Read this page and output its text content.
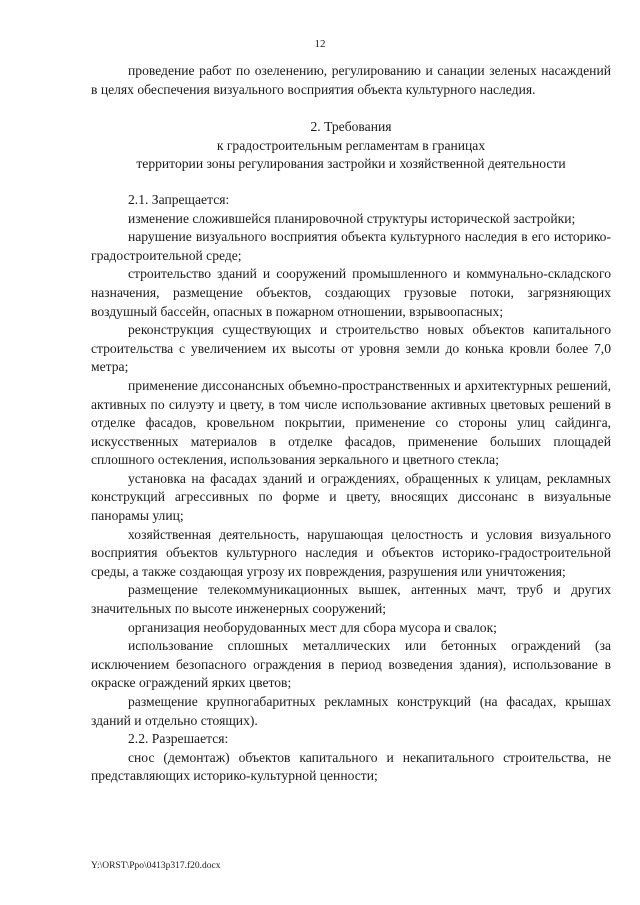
12

проведение работ по озеленению, регулированию и санации зеленых насаждений в целях обеспечения визуального восприятия объекта культурного наследия.

2. Требования
к градостроительным регламентам в границах
территории зоны регулирования застройки и хозяйственной деятельности

2.1. Запрещается:

изменение сложившейся планировочной структуры исторической застройки;

нарушение визуального восприятия объекта культурного наследия в его историко-градостроительной среде;

строительство зданий и сооружений промышленного и коммунально-складского назначения, размещение объектов, создающих грузовые потоки, загрязняющих воздушный бассейн, опасных в пожарном отношении, взрывоопасных;

реконструкция существующих и строительство новых объектов капитального строительства с увеличением их высоты от уровня земли до конька кровли более 7,0 метра;

применение диссонансных объемно-пространственных и архитектурных решений, активных по силуэту и цвету, в том числе использование активных цветовых решений в отделке фасадов, кровельном покрытии, применение со стороны улиц сайдинга, искусственных материалов в отделке фасадов, применение больших площадей сплошного остекления, использования зеркального и цветного стекла;

установка на фасадах зданий и ограждениях, обращенных к улицам, рекламных конструкций агрессивных по форме и цвету, вносящих диссонанс в визуальные панорамы улиц;

хозяйственная деятельность, нарушающая целостность и условия визуального восприятия объектов культурного наследия и объектов историко-градостроительной среды, а также создающая угрозу их повреждения, разрушения или уничтожения;

размещение телекоммуникационных вышек, антенных мачт, труб и других значительных по высоте инженерных сооружений;

организация необорудованных мест для сбора мусора и свалок;

использование сплошных металлических или бетонных ограждений (за исключением безопасного ограждения в период возведения здания), использование в окраске ограждений ярких цветов;

размещение крупногабаритных рекламных конструкций (на фасадах, крышах зданий и отдельно стоящих).

2.2. Разрешается:

снос (демонтаж) объектов капитального и некапитального строительства, не представляющих историко-культурной ценности;

Y:\ORST\Ppo\0413p317.f20.docx
